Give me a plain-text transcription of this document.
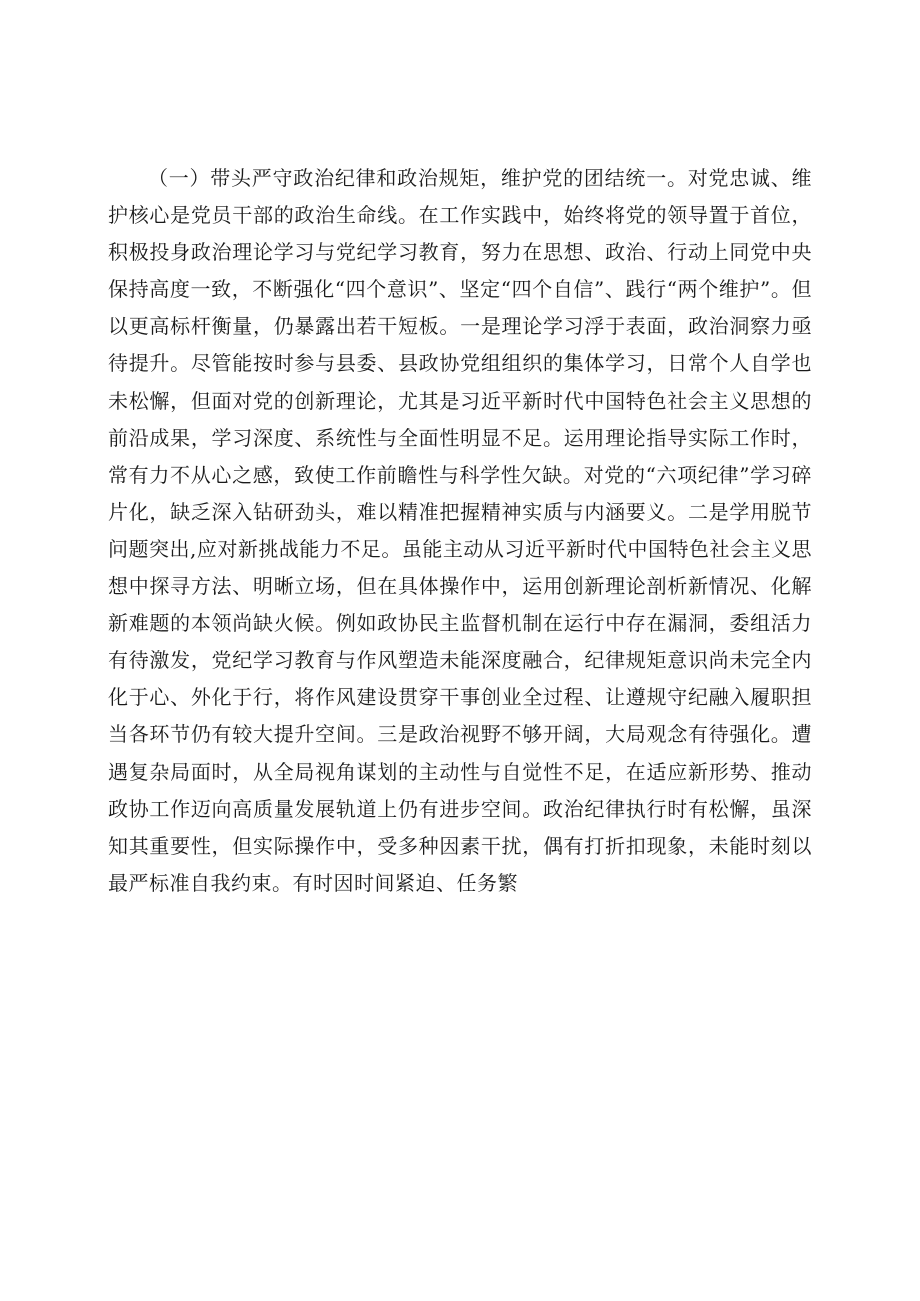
（一）带头严守政治纪律和政治规矩，维护党的团结统一。对党忠诚、维护核心是党员干部的政治生命线。在工作实践中，始终将党的领导置于首位，积极投身政治理论学习与党纪学习教育，努力在思想、政治、行动上同党中央保持高度一致，不断强化“四个意识”、坚定“四个自信”、践行“两个维护”。但以更高标杆衡量，仍暴露出若干短板。一是理论学习浮于表面，政治洞察力亟待提升。尽管能按时参与县委、县政协党组组织的集体学习，日常个人自学也未松懈，但面对党的创新理论，尤其是习近平新时代中国特色社会主义思想的前沿成果，学习深度、系统性与全面性明显不足。运用理论指导实际工作时，常有力不从心之感，致使工作前瞻性与科学性欠缺。对党的“六项纪律”学习碎片化，缺乏深入钻研劲头，难以精准把握精神实质与内涵要义。二是学用脱节问题突出,应对新挑战能力不足。虽能主动从习近平新时代中国特色社会主义思想中探寻方法、明晰立场，但在具体操作中，运用创新理论剖析新情况、化解新难题的本领尚缺火候。例如政协民主监督机制在运行中存在漏洞，委组活力有待激发，党纪学习教育与作风塑造未能深度融合，纪律规矩意识尚未完全内化于心、外化于行，将作风建设贯穿干事创业全过程、让遵规守纪融入履职担当各环节仍有较大提升空间。三是政治视野不够开阔，大局观念有待强化。遭遇复杂局面时，从全局视角谋划的主动性与自觉性不足，在适应新形势、推动政协工作迈向高质量发展轨道上仍有进步空间。政治纪律执行时有松懈，虽深知其重要性，但实际操作中，受多种因素干扰，偶有打折扣现象，未能时刻以最严标准自我约束。有时因时间紧迫、任务繁
